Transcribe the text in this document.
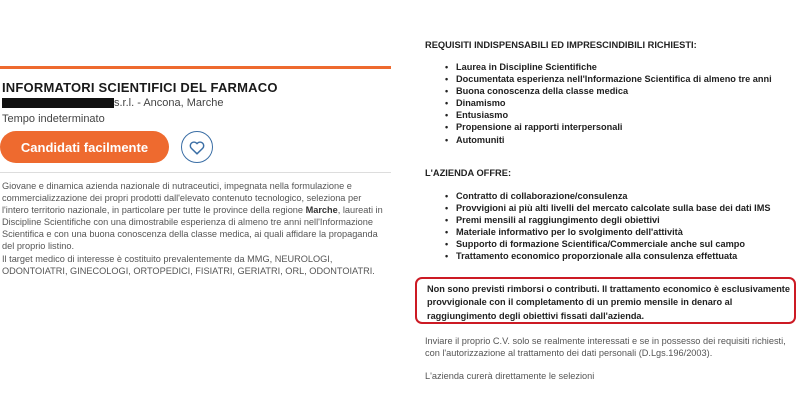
INFORMATORI SCIENTIFICI DEL FARMACO
s.r.l. - Ancona, Marche
Tempo indeterminato
Candidati facilmente

Giovane e dinamica azienda nazionale di nutraceutici, impegnata nella formulazione e commercializzazione dei propri prodotti dall'elevato contenuto tecnologico, seleziona per l'intero territorio nazionale, in particolare per tutte le province della regione Marche, laureati in Discipline Scientifiche con una dimostrabile esperienza di almeno tre anni nell'Informazione Scientifica e con una buona conoscenza della classe medica, ai quali affidare la propaganda del proprio listino.

Il target medico di interesse è costituito prevalentemente da MMG, NEUROLOGI, ODONTOIATRI, GINECOLOGI, ORTOPEDICI, FISIATRI, GERIATRI, ORL, ODONTOIATRI.

REQUISITI INDISPENSABILI ED IMPRESCINDIBILI RICHIESTI:
• Laurea in Discipline Scientifiche
• Documentata esperienza nell'Informazione Scientifica di almeno tre anni
• Buona conoscenza della classe medica
• Dinamismo
• Entusiasmo
• Propensione ai rapporti interpersonali
• Automuniti
L'AZIENDA OFFRE:
• Contratto di collaborazione/consulenza
• Provvigioni ai più alti livelli del mercato calcolate sulla base dei dati IMS
• Premi mensili al raggiungimento degli obiettivi
• Materiale informativo per lo svolgimento dell'attività
• Supporto di formazione Scientifica/Commerciale anche sul campo
• Trattamento economico proporzionale alla consulenza effettuata
Non sono previsti rimborsi o contributi. Il trattamento economico è esclusivamente provvigionale con il completamento di un premio mensile in denaro al raggiungimento degli obiettivi fissati dall'azienda.
Inviare il proprio C.V. solo se realmente interessati e se in possesso dei requisiti richiesti, con l'autorizzazione al trattamento dei dati personali (D.Lgs.196/2003).
L'azienda curerà direttamente le selezioni
